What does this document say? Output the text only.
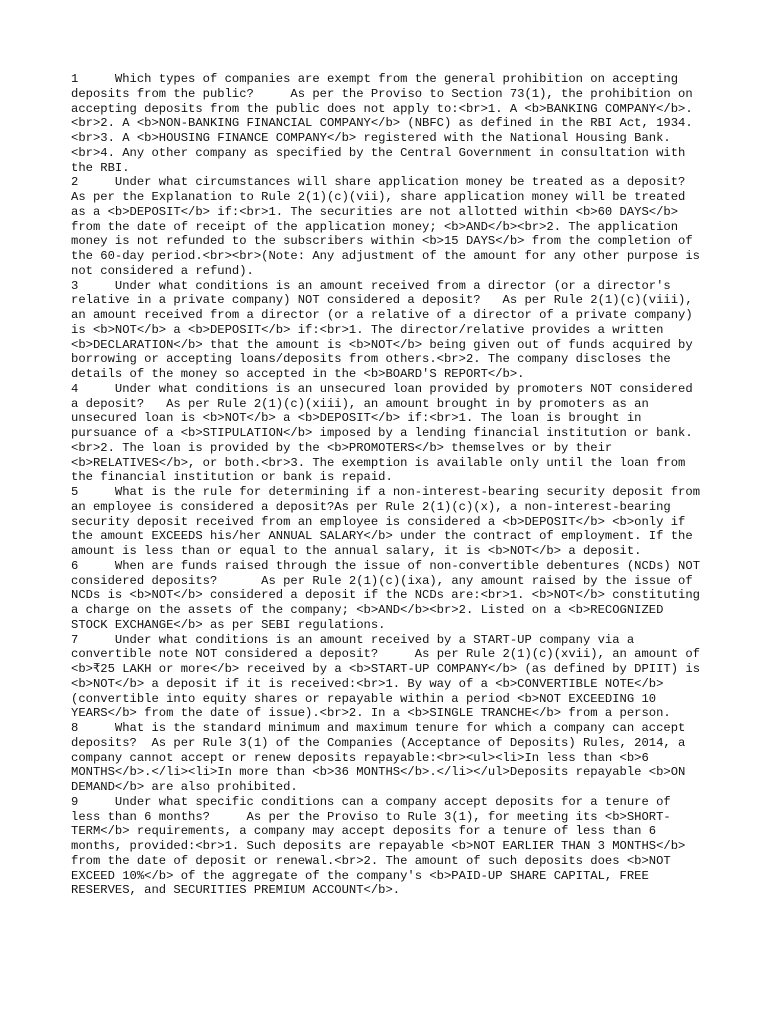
1	Which types of companies are exempt from the general prohibition on accepting deposits from the public?	As per the Proviso to Section 73(1), the prohibition on accepting deposits from the public does not apply to:<br>1. A <b>BANKING COMPANY</b>.<br>2. A <b>NON-BANKING FINANCIAL COMPANY</b> (NBFC) as defined in the RBI Act, 1934.<br>3. A <b>HOUSING FINANCE COMPANY</b> registered with the National Housing Bank.<br>4. Any other company as specified by the Central Government in consultation with the RBI.

2	Under what circumstances will share application money be treated as a deposit?    As per the Explanation to Rule 2(1)(c)(vii), share application money will be treated as a <b>DEPOSIT</b> if:<br>1. The securities are not allotted within <b>60 DAYS</b> from the date of receipt of the application money; <b>AND</b><br>2. The application money is not refunded to the subscribers within <b>15 DAYS</b> from the completion of the 60-day period.<br><br>(Note: Any adjustment of the amount for any other purpose is not considered a refund).

3	Under what conditions is an amount received from a director (or a director's relative in a private company) NOT considered a deposit? As per Rule 2(1)(c)(viii), an amount received from a director (or a relative of a director of a private company) is <b>NOT</b> a <b>DEPOSIT</b> if:<br>1. The director/relative provides a written <b>DECLARATION</b> that the amount is <b>NOT</b> being given out of funds acquired by borrowing or accepting loans/deposits from others.<br>2. The company discloses the details of the money so accepted in the <b>BOARD'S REPORT</b>.

4	Under what conditions is an unsecured loan provided by promoters NOT considered a deposit? As per Rule 2(1)(c)(xiii), an amount brought in by promoters as an unsecured loan is <b>NOT</b> a <b>DEPOSIT</b> if:<br>1. The loan is brought in pursuance of a <b>STIPULATION</b> imposed by a lending financial institution or bank.<br>2. The loan is provided by the <b>PROMOTERS</b> themselves or by their <b>RELATIVES</b>, or both.<br>3. The exemption is available only until the loan from the financial institution or bank is repaid.

5	What is the rule for determining if a non-interest-bearing security deposit from an employee is considered a deposit?As per Rule 2(1)(c)(x), a non-interest-bearing security deposit received from an employee is considered a <b>DEPOSIT</b> <b>only if the amount EXCEEDS his/her ANNUAL SALARY</b> under the contract of employment. If the amount is less than or equal to the annual salary, it is <b>NOT</b> a deposit.

6	When are funds raised through the issue of non-convertible debentures (NCDs) NOT considered deposits?	As per Rule 2(1)(c)(ixa), any amount raised by the issue of NCDs is <b>NOT</b> considered a deposit if the NCDs are:<br>1. <b>NOT</b> constituting a charge on the assets of the company; <b>AND</b><br>2. Listed on a <b>RECOGNIZED STOCK EXCHANGE</b> as per SEBI regulations.

7	Under what conditions is an amount received by a START-UP company via a convertible note NOT considered a deposit?	As per Rule 2(1)(c)(xvii), an amount of <b>₹25 LAKH or more</b> received by a <b>START-UP COMPANY</b> (as defined by DPIIT) is <b>NOT</b> a deposit if it is received:<br>1. By way of a <b>CONVERTIBLE NOTE</b> (convertible into equity shares or repayable within a period <b>NOT EXCEEDING 10 YEARS</b> from the date of issue).<br>2. In a <b>SINGLE TRANCHE</b> from a person.

8	What is the standard minimum and maximum tenure for which a company can accept deposits? As per Rule 3(1) of the Companies (Acceptance of Deposits) Rules, 2014, a company cannot accept or renew deposits repayable:<br><ul><li>In less than <b>6 MONTHS</b>.</li><li>In more than <b>36 MONTHS</b>.</li></ul>Deposits repayable <b>ON DEMAND</b> are also prohibited.

9	Under what specific conditions can a company accept deposits for a tenure of less than 6 months?	As per the Proviso to Rule 3(1), for meeting its <b>SHORT-TERM</b> requirements, a company may accept deposits for a tenure of less than 6 months, provided:<br>1. Such deposits are repayable <b>NOT EARLIER THAN 3 MONTHS</b> from the date of deposit or renewal.<br>2. The amount of such deposits does <b>NOT EXCEED 10%</b> of the aggregate of the company's <b>PAID-UP SHARE CAPITAL, FREE RESERVES, and SECURITIES PREMIUM ACCOUNT</b>.
